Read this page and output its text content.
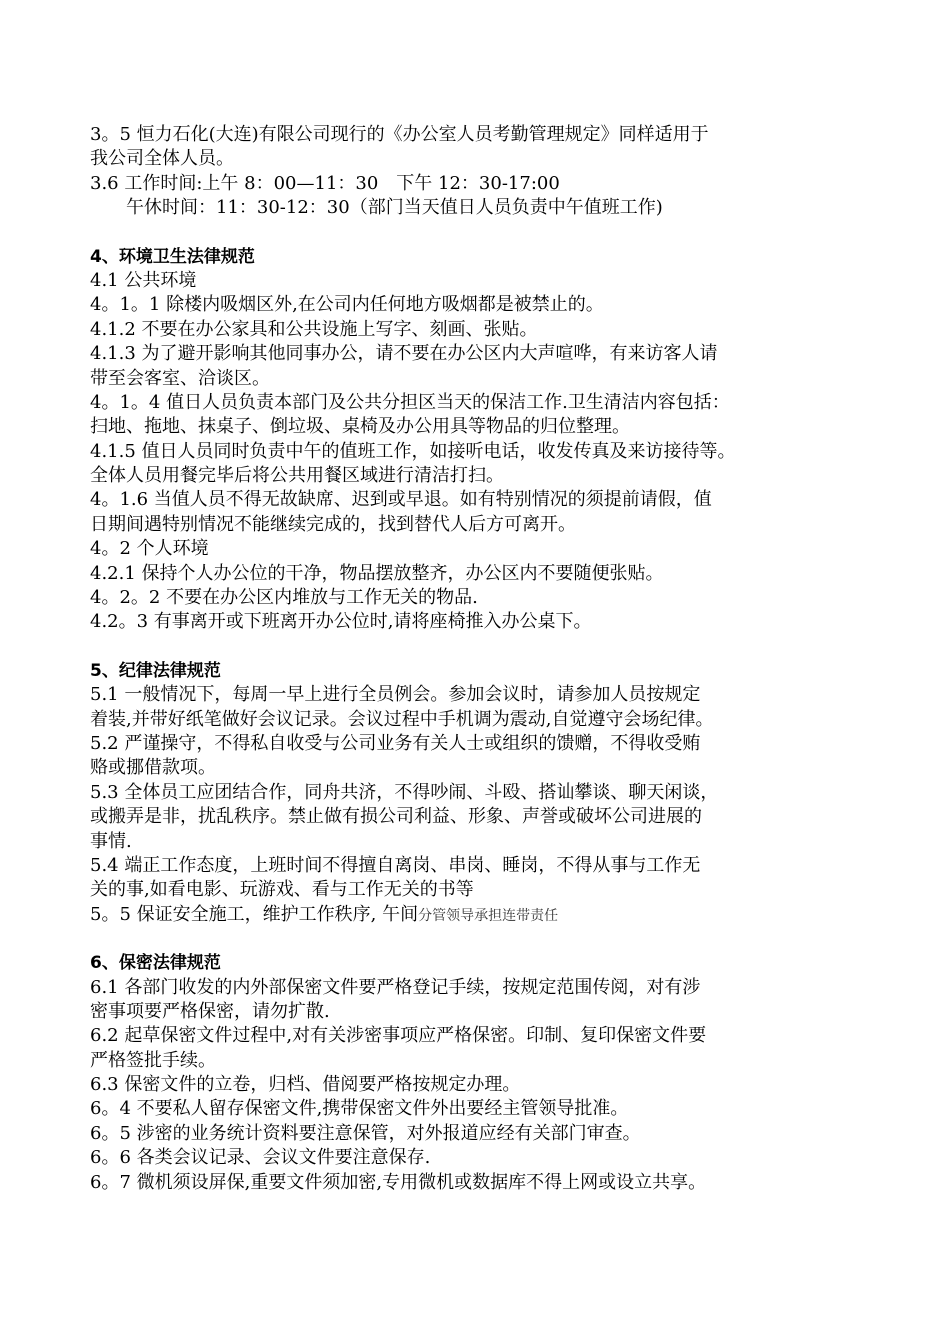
3。5 恒力石化(大连)有限公司现行的《办公室人员考勤管理规定》同样适用于
我公司全体人员。
3.6 工作时间:上午 8：00—11：30　下午 12：30-17:00
午休时间：11：30-12：30（部门当天值日人员负责中午值班工作)
4、环境卫生法律规范
4.1 公共环境
4。1。1 除楼内吸烟区外,在公司内任何地方吸烟都是被禁止的。
4.1.2 不要在办公家具和公共设施上写字、刻画、张贴。
4.1.3 为了避开影响其他同事办公，请不要在办公区内大声喧哗，有来访客人请
带至会客室、洽谈区。
4。1。4 值日人员负责本部门及公共分担区当天的保洁工作.卫生清洁内容包括：
扫地、拖地、抹桌子、倒垃圾、桌椅及办公用具等物品的归位整理。
4.1.5 值日人员同时负责中午的值班工作，如接听电话，收发传真及来访接待等。
全体人员用餐完毕后将公共用餐区域进行清洁打扫。
4。1.6 当值人员不得无故缺席、迟到或早退。如有特别情况的须提前请假，值
日期间遇特别情况不能继续完成的，找到替代人后方可离开。
4。2 个人环境
4.2.1 保持个人办公位的干净，物品摆放整齐，办公区内不要随便张贴。
4。2。2 不要在办公区内堆放与工作无关的物品.
4.2。3 有事离开或下班离开办公位时,请将座椅推入办公桌下。
5、纪律法律规范
5.1 一般情况下，每周一早上进行全员例会。参加会议时，请参加人员按规定
着装,并带好纸笔做好会议记录。会议过程中手机调为震动,自觉遵守会场纪律。
5.2 严谨操守，不得私自收受与公司业务有关人士或组织的馈赠，不得收受贿
赂或挪借款项。
5.3 全体员工应团结合作，同舟共济，不得吵闹、斗殴、搭讪攀谈、聊天闲谈，
或搬弄是非，扰乱秩序。禁止做有损公司利益、形象、声誉或破坏公司进展的
事情.
5.4 端正工作态度，上班时间不得擅自离岗、串岗、睡岗，不得从事与工作无
关的事,如看电影、玩游戏、看与工作无关的书等
5。5 保证安全施工，维护工作秩序, 午间分管领导承担连带责任
6、保密法律规范
6.1 各部门收发的内外部保密文件要严格登记手续，按规定范围传阅，对有涉
密事项要严格保密，请勿扩散.
6.2 起草保密文件过程中,对有关涉密事项应严格保密。印制、复印保密文件要
严格签批手续。
6.3 保密文件的立卷，归档、借阅要严格按规定办理。
6。4 不要私人留存保密文件,携带保密文件外出要经主管领导批准。
6。5 涉密的业务统计资料要注意保管，对外报道应经有关部门审查。
6。6 各类会议记录、会议文件要注意保存.
6。7 微机须设屏保,重要文件须加密,专用微机或数据库不得上网或设立共享。
